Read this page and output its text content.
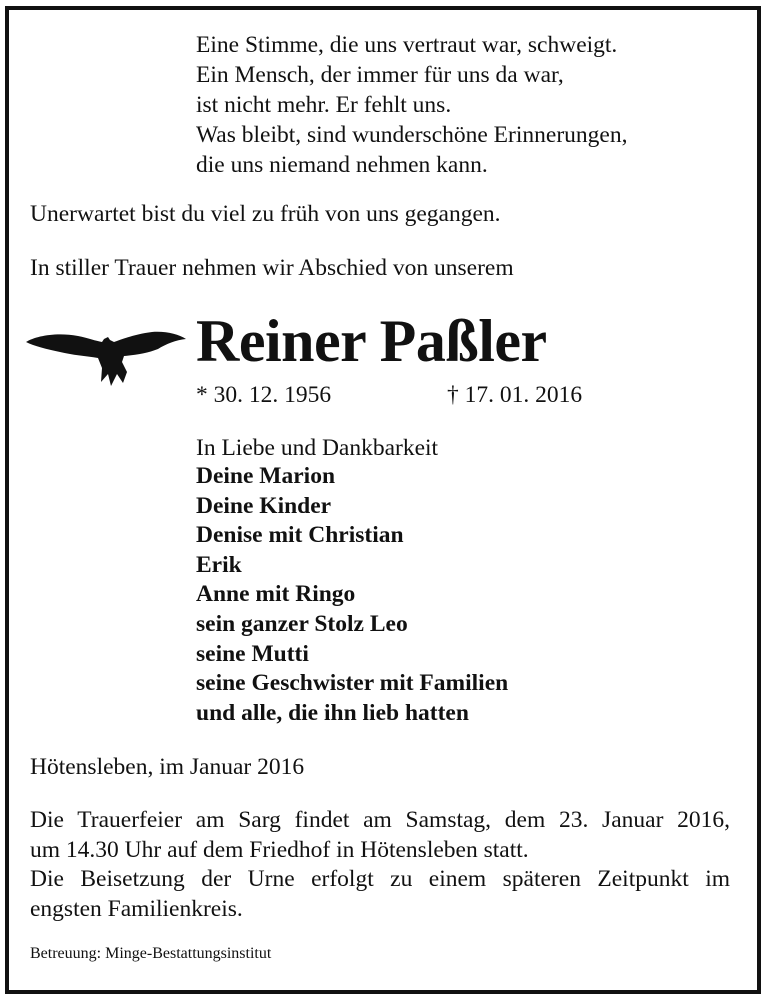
Eine Stimme, die uns vertraut war, schweigt.
Ein Mensch, der immer für uns da war,
ist nicht mehr. Er fehlt uns.
Was bleibt, sind wunderschöne Erinnerungen,
die uns niemand nehmen kann.
Unerwartet bist du viel zu früh von uns gegangen.
In stiller Trauer nehmen wir Abschied von unserem
Reiner Paßler
* 30. 12. 1956	† 17. 01. 2016
In Liebe und Dankbarkeit
Deine Marion
Deine Kinder
Denise mit Christian
Erik
Anne mit Ringo
sein ganzer Stolz Leo
seine Mutti
seine Geschwister mit Familien
und alle, die ihn lieb hatten
Hötensleben, im Januar 2016
Die Trauerfeier am Sarg findet am Samstag, dem 23. Januar 2016,
um 14.30 Uhr auf dem Friedhof in Hötensleben statt.
Die Beisetzung der Urne erfolgt zu einem späteren Zeitpunkt im
engsten Familienkreis.
Betreuung: Minge-Bestattungsinstitut
